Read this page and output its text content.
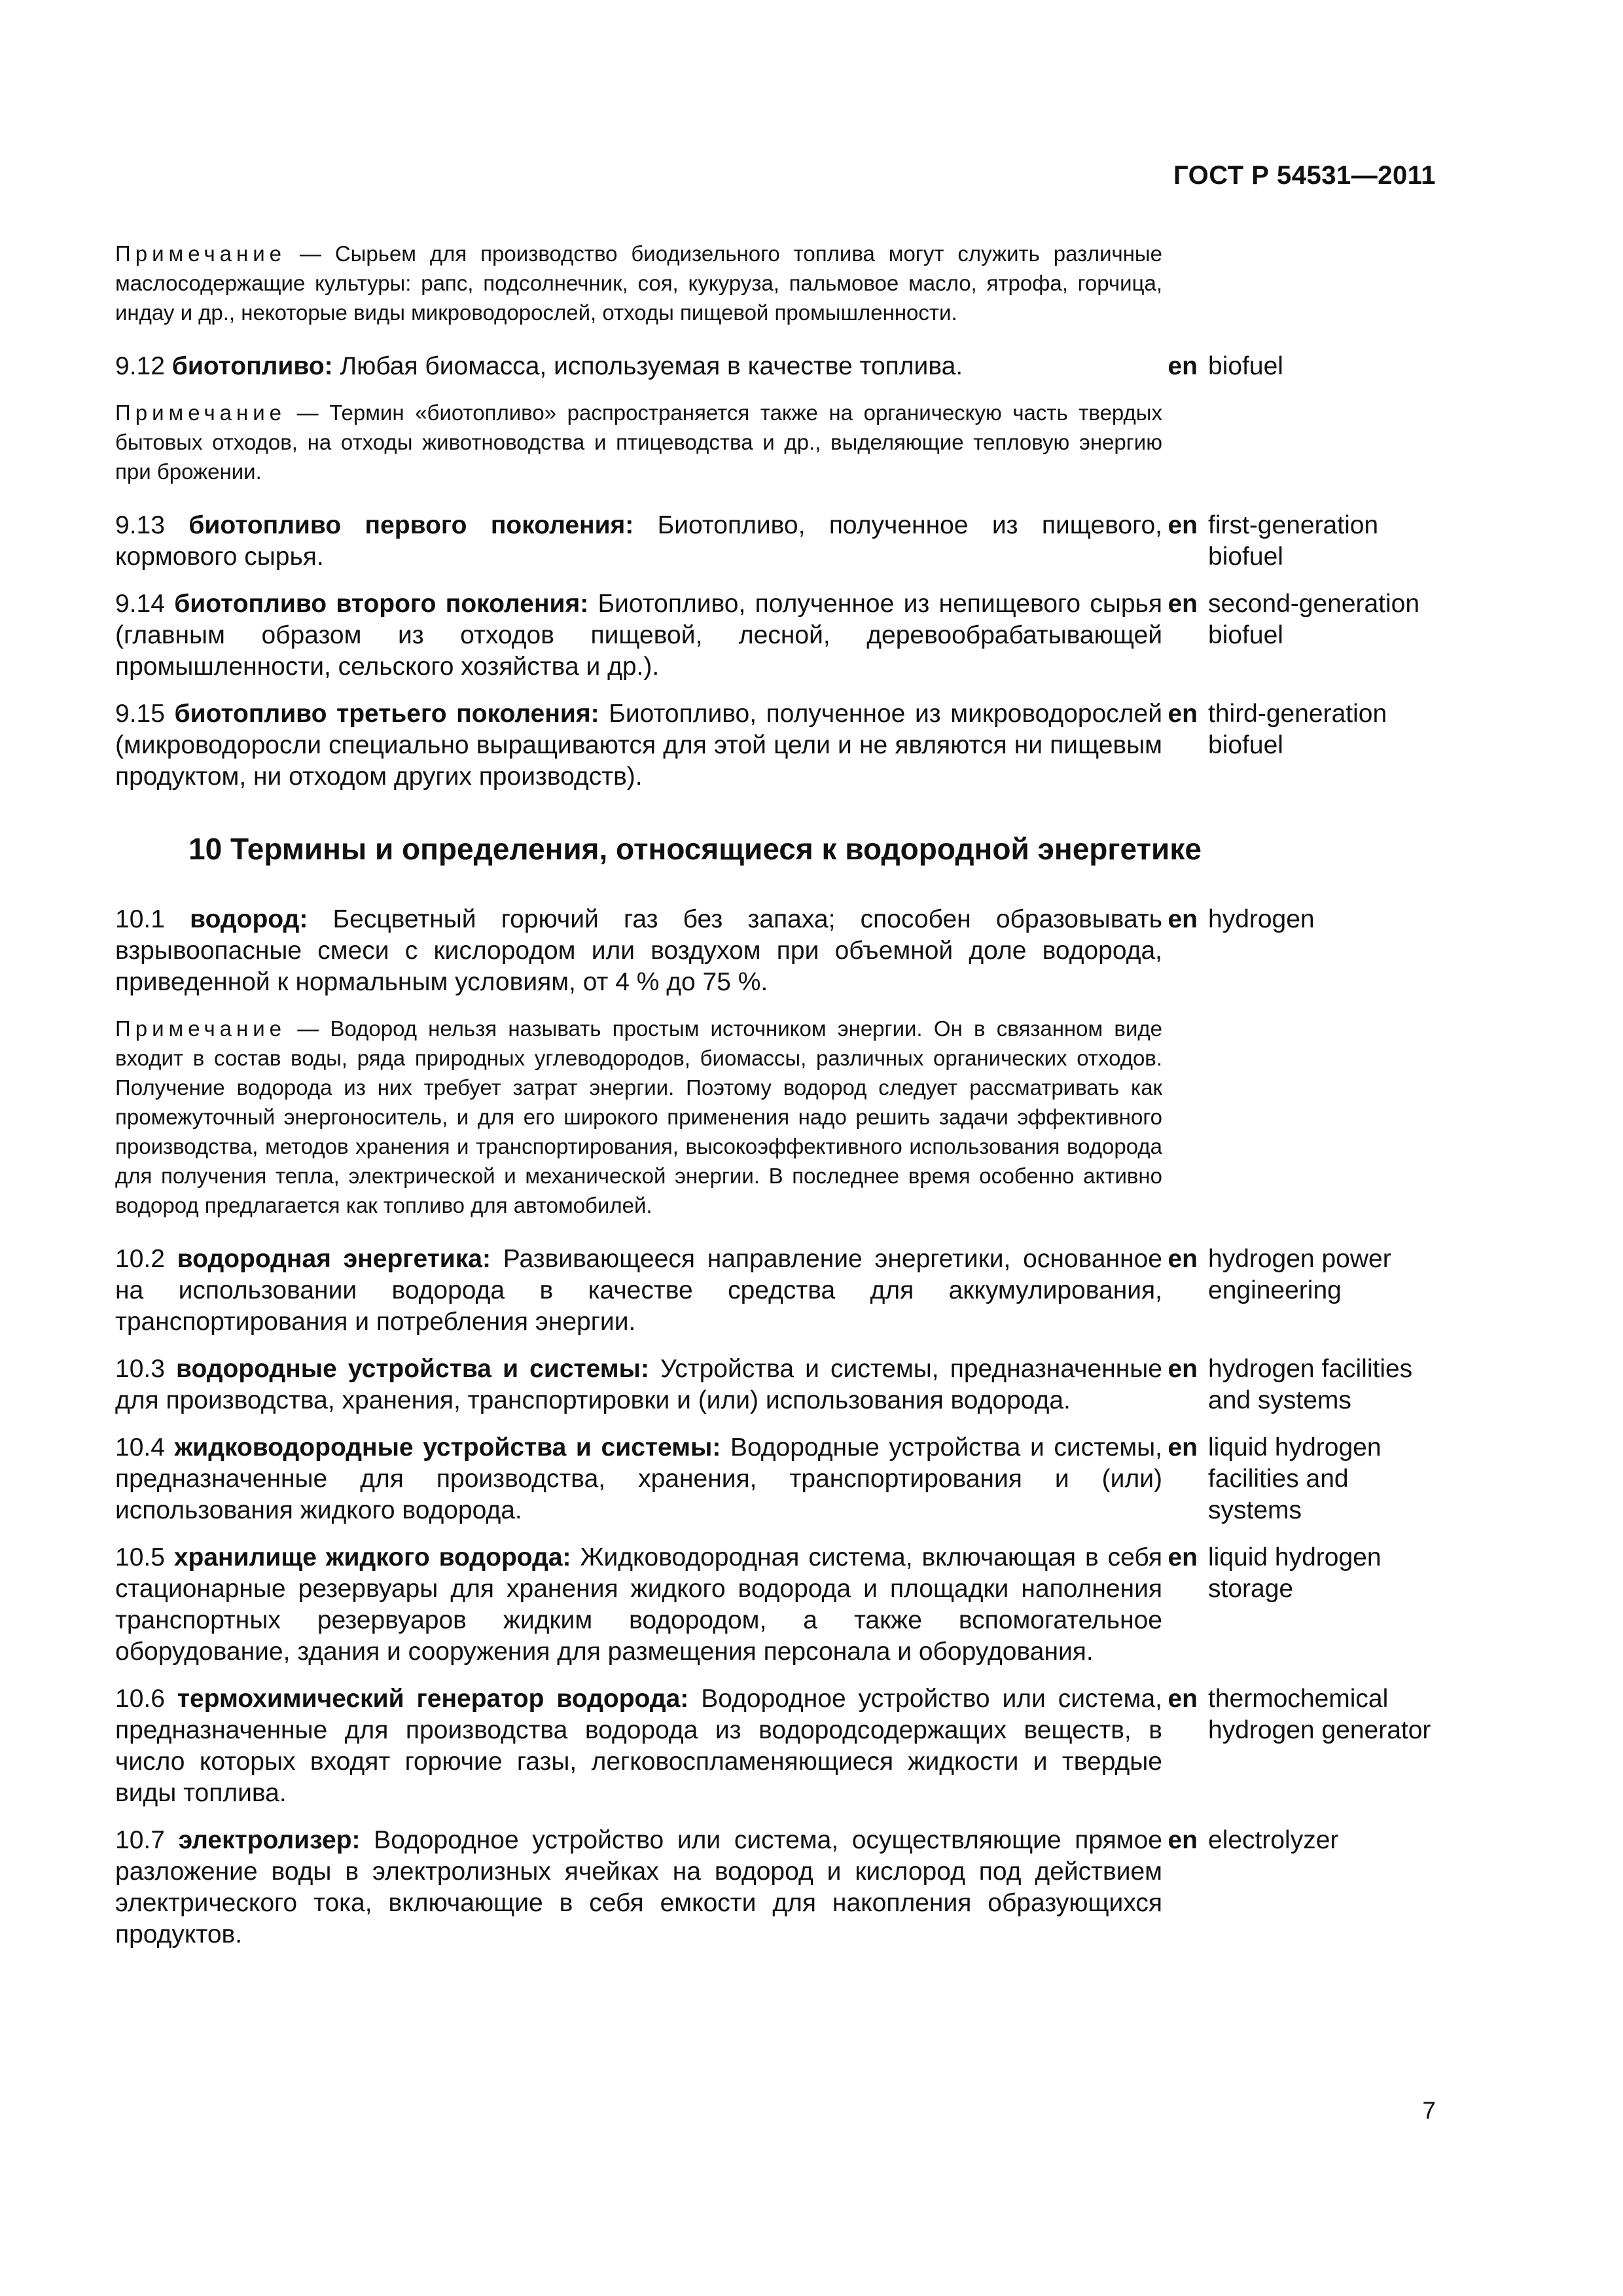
ГОСТ Р 54531—2011

Примечание — Сырьем для производство биодизельного топлива могут служить различные маслосодержащие культуры: рапс, подсолнечник, соя, кукуруза, пальмовое масло, ятрофа, горчица, индау и др., некоторые виды микроводорослей, отходы пищевой промышленности.

9.12 биотопливо: Любая биомасса, используемая в качестве топлива.	en biofuel

Примечание — Термин «биотопливо» распространяется также на органическую часть твердых бытовых отходов, на отходы животноводства и птицеводства и др., выделяющие тепловую энергию при брожении.

9.13 биотопливо первого поколения: Биотопливо, полученное из пищевого, кормового сырья.
en first-generation biofuel
9.14 биотопливо второго поколения: Биотопливо, полученное из непищевого сырья (главным образом из отходов пищевой, лесной, деревообрабатывающей промышленности, сельского хозяйства и др.).
en second-generation biofuel
9.15 биотопливо третьего поколения: Биотопливо, полученное из микроводорослей (микроводоросли специально выращиваются для этой цели и не являются ни пищевым продуктом, ни отходом других производств).
en third-generation biofuel
10 Термины и определения, относящиеся к водородной энергетике
10.1 водород: Бесцветный горючий газ без запаха; способен образовывать взрывоопасные смеси с кислородом или воздухом при объемной доле водорода, приведенной к нормальным условиям, от 4 % до 75 %.
en hydrogen

Примечание — Водород нельзя называть простым источником энергии. Он в связанном виде входит в состав воды, ряда природных углеводородов, биомассы, различных органических отходов. Получение водорода из них требует затрат энергии. Поэтому водород следует рассматривать как промежуточный энергоноситель, и для его широкого применения надо решить задачи эффективного производства, методов хранения и транспортирования, высокоэффективного использования водорода для получения тепла, электрической и механической энергии. В последнее время особенно активно водород предлагается как топливо для автомобилей.

10.2 водородная энергетика: Развивающееся направление энергетики, основанное на использовании водорода в качестве средства для аккумулирования, транспортирования и потребления энергии.
en hydrogen power engineering
10.3 водородные устройства и системы: Устройства и системы, предназначенные для производства, хранения, транспортировки и (или) использования водорода.
en hydrogen facilities and systems
10.4 жидководородные устройства и системы: Водородные устройства и системы, предназначенные для производства, хранения, транспортирования и (или) использования жидкого водорода.
en liquid hydrogen facilities and systems
10.5 хранилище жидкого водорода: Жидководородная система, включающая в себя стационарные резервуары для хранения жидкого водорода и площадки наполнения транспортных резервуаров жидким водородом, а также вспомогательное оборудование, здания и сооружения для размещения персонала и оборудования.
en liquid hydrogen storage
10.6 термохимический генератор водорода: Водородное устройство или система, предназначенные для производства водорода из водородсодержащих веществ, в число которых входят горючие газы, легковоспламеняющиеся жидкости и твердые виды топлива.
en thermochemical hydrogen generator
10.7 электролизер: Водородное устройство или система, осуществляющие прямое разложение воды в электролизных ячейках на водород и кислород под действием электрического тока, включающие в себя емкости для накопления образующихся продуктов.
en electrolyzer
7
